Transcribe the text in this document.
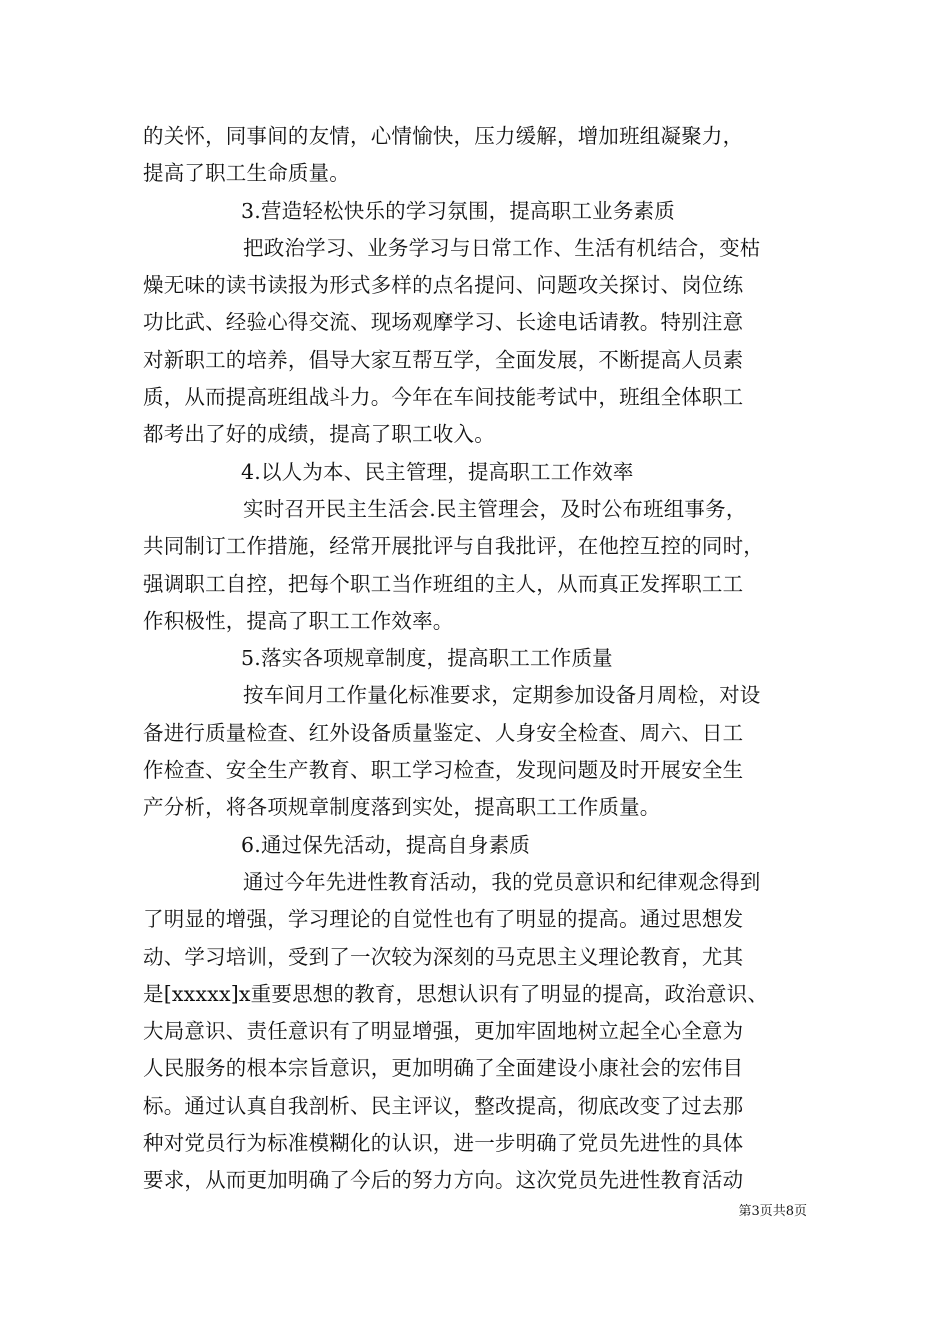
的关怀，同事间的友情，心情愉快，压力缓解，增加班组凝聚力，
提高了职工生命质量。
3.营造轻松快乐的学习氛围，提高职工业务素质
把政治学习、业务学习与日常工作、生活有机结合，变枯
燥无味的读书读报为形式多样的点名提问、问题攻关探讨、岗位练
功比武、经验心得交流、现场观摩学习、长途电话请教。特别注意
对新职工的培养，倡导大家互帮互学，全面发展，不断提高人员素
质，从而提高班组战斗力。今年在车间技能考试中，班组全体职工
都考出了好的成绩，提高了职工收入。
4.以人为本、民主管理，提高职工工作效率
实时召开民主生活会.民主管理会，及时公布班组事务，
共同制订工作措施，经常开展批评与自我批评，在他控互控的同时，
强调职工自控，把每个职工当作班组的主人，从而真正发挥职工工
作积极性，提高了职工工作效率。
5.落实各项规章制度，提高职工工作质量
按车间月工作量化标准要求，定期参加设备月周检，对设
备进行质量检查、红外设备质量鉴定、人身安全检查、周六、日工
作检查、安全生产教育、职工学习检查，发现问题及时开展安全生
产分析，将各项规章制度落到实处，提高职工工作质量。
6.通过保先活动，提高自身素质
通过今年先进性教育活动，我的党员意识和纪律观念得到
了明显的增强，学习理论的自觉性也有了明显的提高。通过思想发
动、学习培训，受到了一次较为深刻的马克思主义理论教育，尤其
是[xxxxx]x重要思想的教育，思想认识有了明显的提高，政治意识、
大局意识、责任意识有了明显增强，更加牢固地树立起全心全意为
人民服务的根本宗旨意识，更加明确了全面建设小康社会的宏伟目
标。通过认真自我剖析、民主评议，整改提高，彻底改变了过去那
种对党员行为标准模糊化的认识，进一步明确了党员先进性的具体
要求，从而更加明确了今后的努力方向。这次党员先进性教育活动
第3页共8页
